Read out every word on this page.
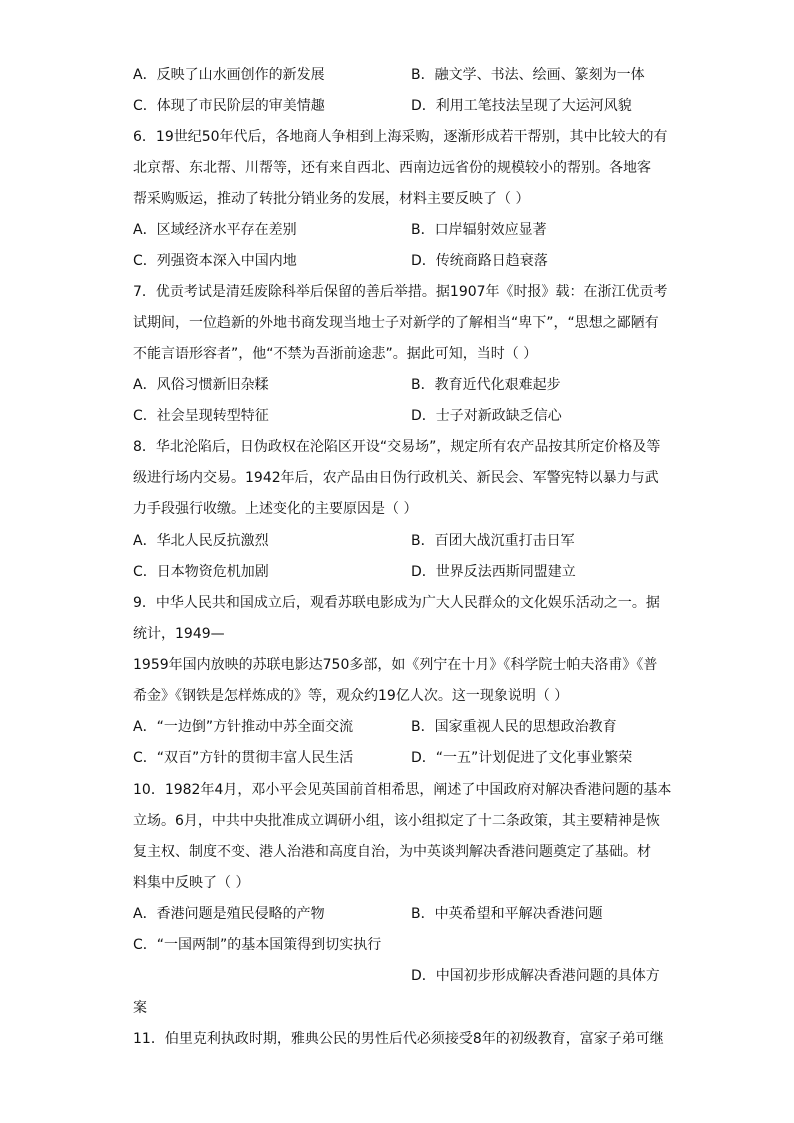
A．反映了山水画创作的新发展	B．融文学、书法、绘画、篆刻为一体
C．体现了市民阶层的审美情趣	D．利用工笔技法呈现了大运河风貌
6．19世纪50年代后，各地商人争相到上海采购，逐渐形成若干帮别，其中比较大的有
北京帮、东北帮、川帮等，还有来自西北、西南边远省份的规模较小的帮别。各地客
帮采购贩运，推动了转批分销业务的发展，材料主要反映了（ ）
A．区域经济水平存在差别	B．口岸辐射效应显著
C．列强资本深入中国内地	D．传统商路日趋衰落
7．优贡考试是清廷废除科举后保留的善后举措。据1907年《时报》载：在浙江优贡考
试期间，一位趋新的外地书商发现当地士子对新学的了解相当“卑下”，“思想之鄙陋有
不能言语形容者”，他“不禁为吾浙前途悲”。据此可知，当时（ ）
A．风俗习惯新旧杂糅	B．教育近代化艰难起步
C．社会呈现转型特征	D．士子对新政缺乏信心
8．华北沦陷后，日伪政权在沦陷区开设“交易场”，规定所有农产品按其所定价格及等
级进行场内交易。1942年后，农产品由日伪行政机关、新民会、军警宪特以暴力与武
力手段强行收缴。上述变化的主要原因是（ ）
A．华北人民反抗激烈	B．百团大战沉重打击日军
C．日本物资危机加剧	D．世界反法西斯同盟建立
9．中华人民共和国成立后，观看苏联电影成为广大人民群众的文化娱乐活动之一。据
统计，1949—
1959年国内放映的苏联电影达750多部，如《列宁在十月》《科学院士帕夫洛甫》《普
希金》《钢铁是怎样炼成的》等，观众约19亿人次。这一现象说明（ ）
A．“一边倒”方针推动中苏全面交流	B．国家重视人民的思想政治教育
C．“双百”方针的贯彻丰富人民生活	D．“一五”计划促进了文化事业繁荣
10．1982年4月，邓小平会见英国前首相希思，阐述了中国政府对解决香港问题的基本
立场。6月，中共中央批准成立调研小组，该小组拟定了十二条政策，其主要精神是恢
复主权、制度不变、港人治港和高度自治，为中英谈判解决香港问题奠定了基础。材
料集中反映了（ ）
A．香港问题是殖民侵略的产物	B．中英希望和平解决香港问题
C．“一国两制”的基本国策得到切实执行
D．中国初步形成解决香港问题的具体方
案
11．伯里克利执政时期，雅典公民的男性后代必须接受8年的初级教育，富家子弟可继
